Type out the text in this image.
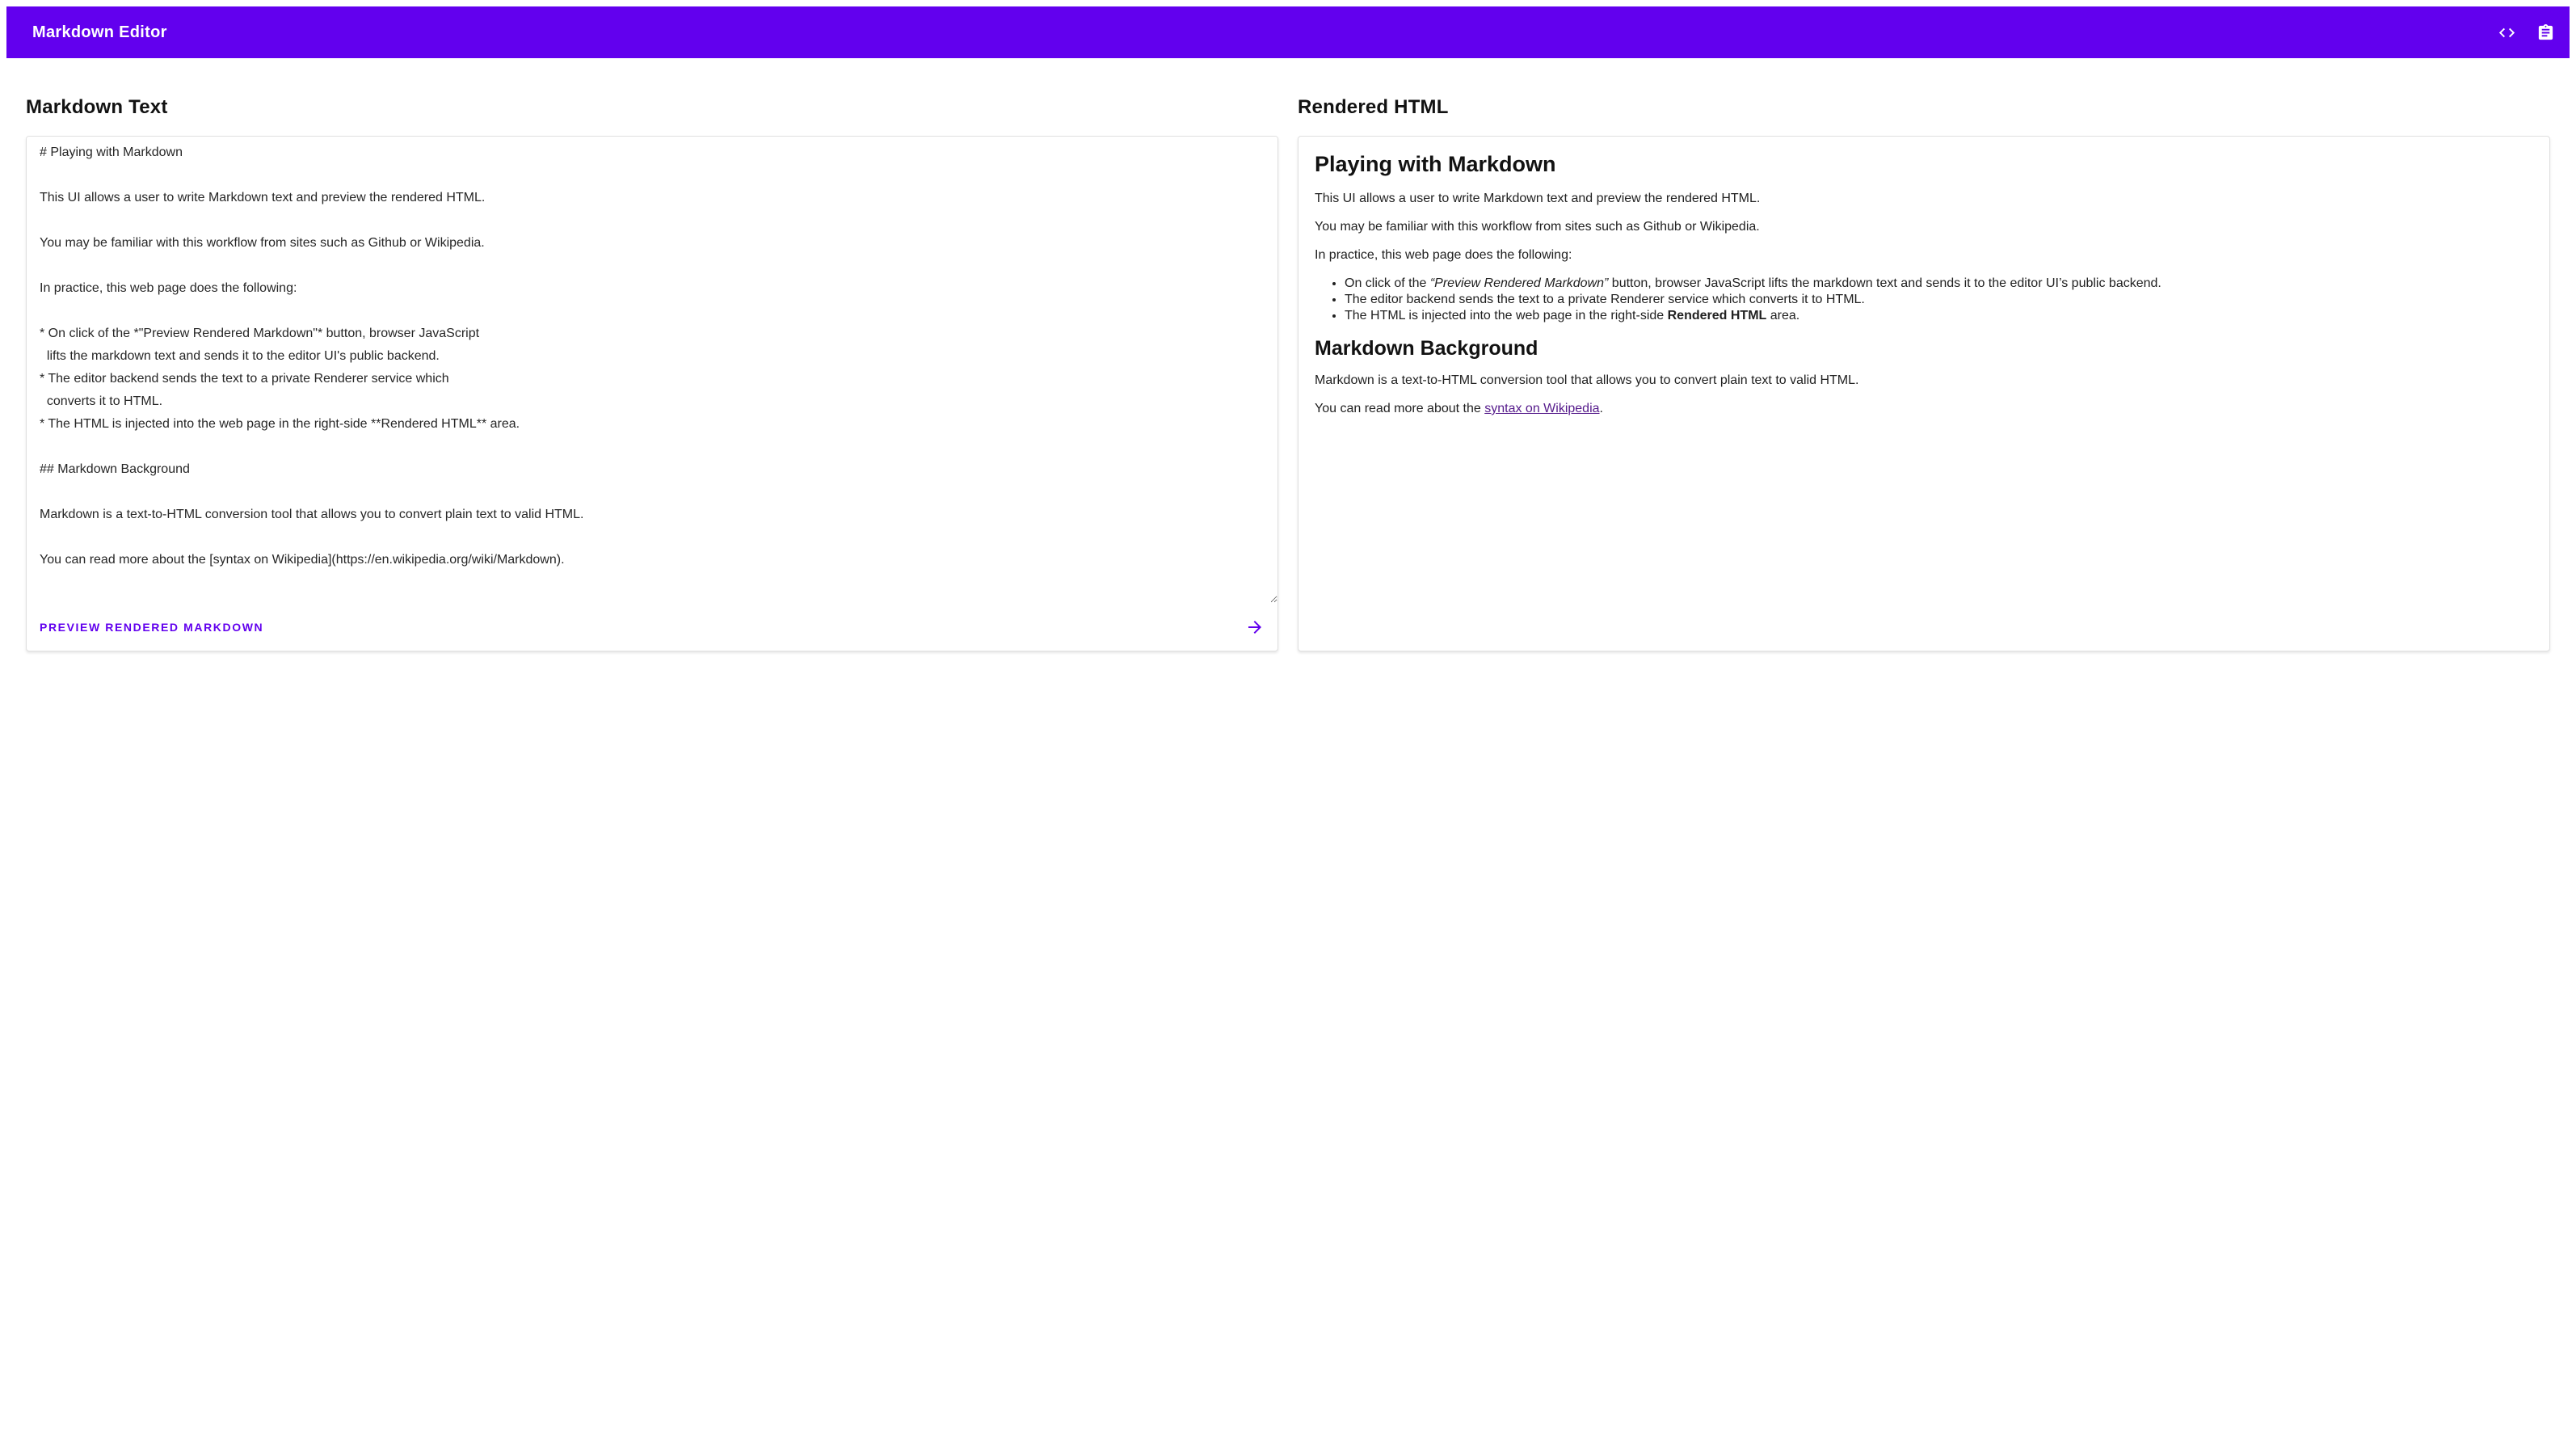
Markdown Editor
Markdown Text
# Playing with Markdown This UI allows a user to write Markdown text and preview the rendered HTML. You may be familiar with this workflow from sites such as Github or Wikipedia. In practice, this web page does the following: * On click of the *"Preview Rendered Markdown"* button, browser JavaScript lifts the markdown text and sends it to the editor UI's public backend. * The editor backend sends the text to a private Renderer service which converts it to HTML. * The HTML is injected into the web page in the right-side **Rendered HTML** area. ## Markdown Background Markdown is a text-to-HTML conversion tool that allows you to convert plain text to valid HTML. You can read more about the [syntax on Wikipedia](https://en.wikipedia.org/wiki/Markdown).
PREVIEW RENDERED MARKDOWN
Rendered HTML
Playing with Markdown

This UI allows a user to write Markdown text and preview the rendered HTML.

You may be familiar with this workflow from sites such as Github or Wikipedia.

In practice, this web page does the following:

• On click of the “Preview Rendered Markdown” button, browser JavaScript lifts the markdown text and sends it to the editor UI’s public backend.
• The editor backend sends the text to a private Renderer service which converts it to HTML.
• The HTML is injected into the web page in the right-side Rendered HTML area.
Markdown Background

Markdown is a text-to-HTML conversion tool that allows you to convert plain text to valid HTML.

You can read more about the syntax on Wikipedia.
